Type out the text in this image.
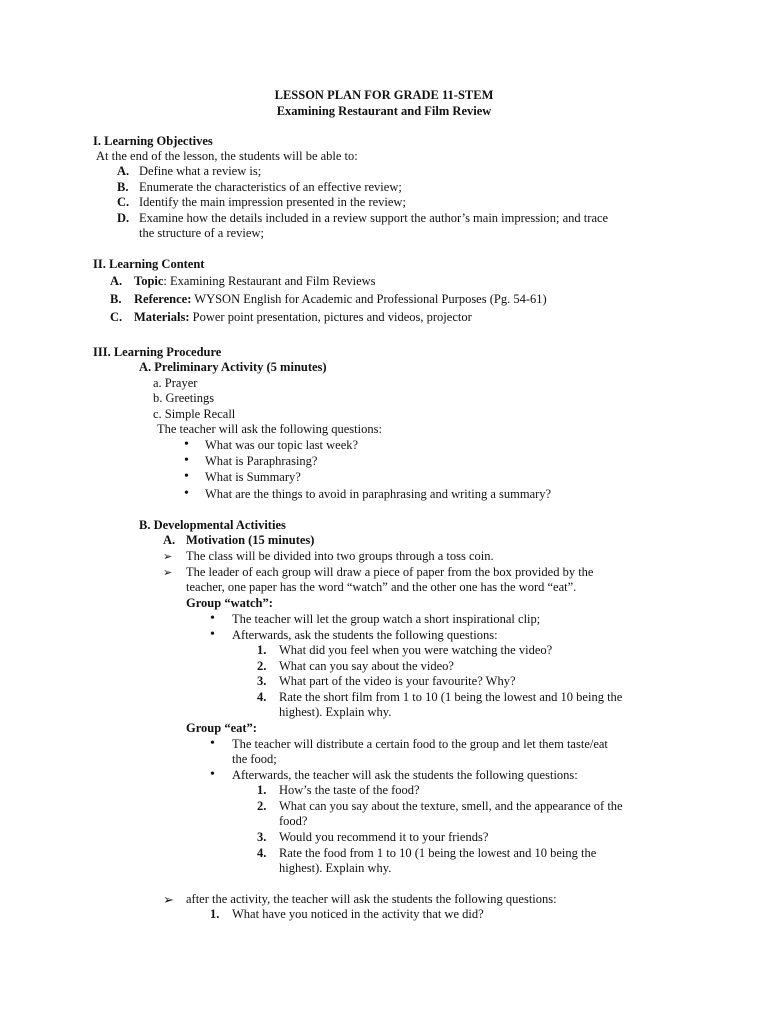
LESSON PLAN FOR GRADE 11-STEM
Examining Restaurant and Film Review
I. Learning Objectives
At the end of the lesson, the students will be able to:
A. Define what a review is;
B. Enumerate the characteristics of an effective review;
C. Identify the main impression presented in the review;
D. Examine how the details included in a review support the author’s main impression; and trace
the structure of a review;
II. Learning Content
A. Topic: Examining Restaurant and Film Reviews
B. Reference: WYSON English for Academic and Professional Purposes (Pg. 54-61)
C. Materials: Power point presentation, pictures and videos, projector
III. Learning Procedure
A. Preliminary Activity (5 minutes)
a. Prayer
b. Greetings
c. Simple Recall
The teacher will ask the following questions:
• What was our topic last week?
• What is Paraphrasing?
• What is Summary?
• What are the things to avoid in paraphrasing and writing a summary?
B. Developmental Activities
A. Motivation (15 minutes)
➢ The class will be divided into two groups through a toss coin.
➢ The leader of each group will draw a piece of paper from the box provided by the
teacher, one paper has the word “watch” and the other one has the word “eat”.
Group “watch”:
• The teacher will let the group watch a short inspirational clip;
• Afterwards, ask the students the following questions:
1. What did you feel when you were watching the video?
2. What can you say about the video?
3. What part of the video is your favourite? Why?
4. Rate the short film from 1 to 10 (1 being the lowest and 10 being the
highest). Explain why.
Group “eat”:
• The teacher will distribute a certain food to the group and let them taste/eat
the food;
• Afterwards, the teacher will ask the students the following questions:
1. How’s the taste of the food?
2. What can you say about the texture, smell, and the appearance of the
food?
3. Would you recommend it to your friends?
4. Rate the food from 1 to 10 (1 being the lowest and 10 being the
highest). Explain why.
➢ after the activity, the teacher will ask the students the following questions:
1. What have you noticed in the activity that we did?
